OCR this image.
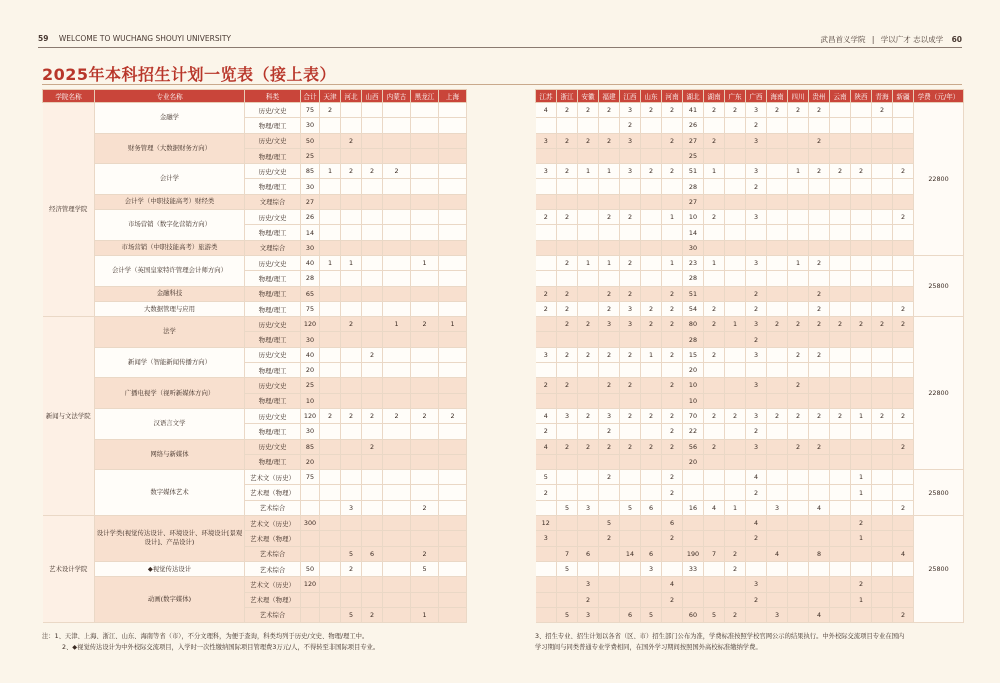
59 WELCOME TO WUCHANG SHOUYI UNIVERSITY	武昌首义学院 | 学以广才 志以成学 60
2025年本科招生计划一览表（接上表）
学院名称	专业名称	科类	合计	天津	河北	山西	内蒙古	黑龙江	上海
经济管理学院	金融学	历史/文史	75	2					
		物理/理工	30						
	财务管理（大数据财务方向）	历史/文史	50		2				
		物理/理工	25						
	会计学	历史/文史	85	1	2	2	2		
		物理/理工	30						
	会计学（中职技能高考）财经类	文理综合	27						
	市场营销（数字化营销方向）	历史/文史	26						
		物理/理工	14						
	市场营销（中职技能高考）旅游类	文理综合	30						
	会计学（英国皇家特许管理会计师方向）	历史/文史	40	1	1			1	
		物理/理工	28						
	金融科技	物理/理工	65						
	大数据管理与应用	物理/理工	75						
新闻与文法学院	法学	历史/文史	120		2		1	2	1
		物理/理工	30						
	新闻学（智能新闻传播方向）	历史/文史	40			2			
		物理/理工	20						
	广播电视学（视听新媒体方向）	历史/文史	25						
		物理/理工	10						
	汉语言文学	历史/文史	120	2	2	2	2	2	2
		物理/理工	30						
	网络与新媒体	历史/文史	85			2			
		物理/理工	20						
	数字媒体艺术	艺术文（历史）	75						
		艺术理（物理）							
		艺术综合			3			2	
艺术设计学院	设计学类(视觉传达设计、环境设计、环境设计[景观设计]、产品设计)	艺术文（历史）	300						
		艺术理（物理）							
		艺术综合			5	6		2	
	◆视觉传达设计	艺术综合	50		2			5	
	动画(数字媒体)	艺术文（历史）	120						
		艺术理（物理）							
		艺术综合			5	2		1	
江苏	浙江	安徽	福建	江西	山东	河南	湖北	湖南	广东	广西	海南	四川	贵州	云南	陕西	青海	新疆	学费（元/年）
4	2	2	2	3	2	2	41	2	2	3	2	2	2			2		22800
				2			26			2								
3	2	2	2	3		2	27	2		3			2					
							25											
3	2	1	1	3	2	2	51	1		3		1	2	2	2		2	
							28			2								
							27											
2	2		2	2		1	10	2		3							2	
							14											
							30											
	2	1	1	2		1	23	1		3		1	2					25800
							28											
2	2		2	2		2	51			2			2					
2	2		2	3	2	2	54	2		2			2				2	
	2	2	3	3	2	2	80	2	1	3	2	2	2	2	2	2	2	22800
							28			2								
3	2	2	2	2	1	2	15	2		3		2	2					
							20											
2	2		2	2		2	10			3		2						
							10											
4	3	2	3	2	2	2	70	2	2	3	2	2	2	2	1	2	2	
2			2			2	22			2								
4	2	2	2	2	2	2	56	2		3		2	2				2	
							20											
5			2			2				4					1			25800
2						2				2					1			
	5	3		5	6		16	4	1		3		4				2	
12			5			6				4					2			25800
3			2			2				2					1			
	7	6		14	6		190	7	2		4		8				4	
	5				3		33		2									
		3				4				3					2			
		2				2				2					1			
	5	3		6	5		60	5	2		3		4				2	
注：1、天津、上海、浙江、山东、海南等省（市），不分文理科，为便于查询，科类均列于历史/文史、物理/理工中。
2、◆视觉传达设计为中外校际交流项目，入学时一次性缴纳国际项目管理费3万元/人，不得转至非国际项目专业。
3、招生专业、招生计划以各省（区、市）招生部门公布为准，学费标准按照学校官网公示的结果执行。中外校际交流项目专业在国内
学习期间与同类普通专业学费相同，在国外学习期间按照国外高校标准缴纳学费。
